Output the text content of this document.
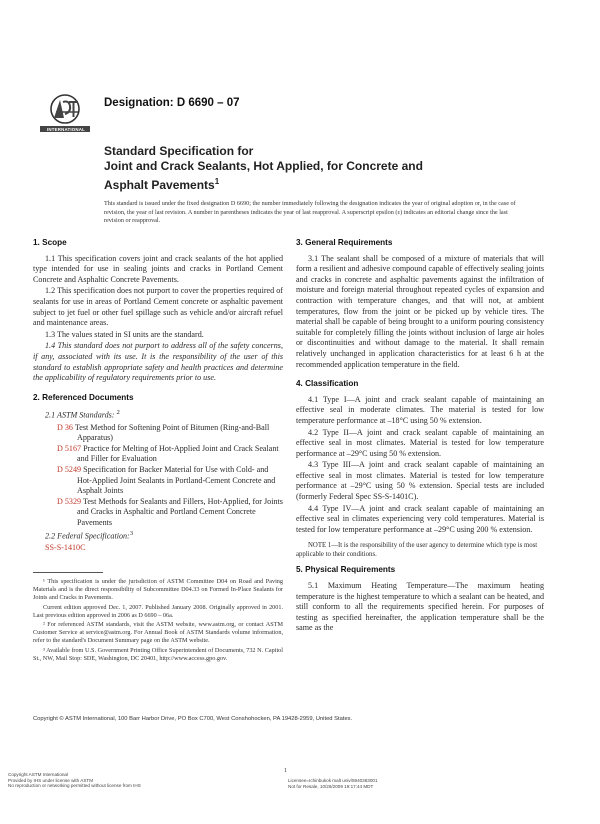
INTERNATIONAL
Designation: D 6690 – 07
Standard Specification for
Joint and Crack Sealants, Hot Applied, for Concrete and
Asphalt Pavements$^1$
This standard is issued under the fixed designation D 6690; the number immediately following the designation indicates the year of original adoption or, in the case of revision, the year of last revision. A number in parentheses indicates the year of last reapproval. A superscript epsilon (ε) indicates an editorial change since the last revision or reapproval.
1. Scope

1.1 This specification covers joint and crack sealants of the hot applied type intended for use in sealing joints and cracks in Portland Cement Concrete and Asphaltic Concrete Pavements.

1.2 This specification does not purport to cover the properties required of sealants for use in areas of Portland Cement concrete or asphaltic pavement subject to jet fuel or other fuel spillage such as vehicle and/or aircraft refuel and maintenance areas.

1.3 The values stated in SI units are the standard.

1.4 This standard does not purport to address all of the safety concerns, if any, associated with its use. It is the responsibility of the user of this standard to establish appropriate safety and health practices and determine the applicability of regulatory requirements prior to use.

2. Referenced Documents

2.1 ASTM Standards: $^2$

D 36 Test Method for Softening Point of Bitumen (Ring-and-Ball Apparatus)
D 5167 Practice for Melting of Hot-Applied Joint and Crack Sealant and Filler for Evaluation
D 5249 Specification for Backer Material for Use with Cold- and Hot-Applied Joint Sealants in Portland-Cement Concrete and Asphalt Joints
D 5329 Test Methods for Sealants and Fillers, Hot-Applied, for Joints and Cracks in Asphaltic and Portland Cement Concrete Pavements

2.2 Federal Specification:$^3$

SS-S-1410C

¹ This specification is under the jurisdiction of ASTM Committee D04 on Road and Paving Materials and is the direct responsibility of Subcommittee D04.33 on Formed In-Place Sealants for Joints and Cracks in Pavements.

Current edition approved Dec. 1, 2007. Published January 2008. Originally approved in 2001. Last previous edition approved in 2006 as D 6690 – 06a.

² For referenced ASTM standards, visit the ASTM website, www.astm.org, or contact ASTM Customer Service at service@astm.org. For Annual Book of ASTM Standards volume information, refer to the standard's Document Summary page on the ASTM website.

³ Available from U.S. Government Printing Office Superintendent of Documents, 732 N. Capitol St., NW, Mail Stop: SDE, Washington, DC 20401, http://www.access.gpo.gov.

3. General Requirements

3.1 The sealant shall be composed of a mixture of materials that will form a resilient and adhesive compound capable of effectively sealing joints and cracks in concrete and asphaltic pavements against the infiltration of moisture and foreign material throughout repeated cycles of expansion and contraction with temperature changes, and that will not, at ambient temperatures, flow from the joint or be picked up by vehicle tires. The material shall be capable of being brought to a uniform pouring consistency suitable for completely filling the joints without inclusion of large air holes or discontinuities and without damage to the material. It shall remain relatively unchanged in application characteristics for at least 6 h at the recommended application temperature in the field.

4. Classification

4.1 Type I—A joint and crack sealant capable of maintaining an effective seal in moderate climates. The material is tested for low temperature performance at –18°C using 50 % extension.

4.2 Type II—A joint and crack sealant capable of maintaining an effective seal in most climates. Material is tested for low temperature performance at –29°C using 50 % extension.

4.3 Type III—A joint and crack sealant capable of maintaining an effective seal in most climates. Material is tested for low temperature performance at –29°C using 50 % extension. Special tests are included (formerly Federal Spec SS-S-1401C).

4.4 Type IV—A joint and crack sealant capable of maintaining an effective seal in climates experiencing very cold temperatures. Material is tested for low temperature performance at –29°C using 200 % extension.

NOTE 1—It is the responsibility of the user agency to determine which type is most applicable to their conditions.

5. Physical Requirements

5.1 Maximum Heating Temperature—The maximum heating temperature is the highest temperature to which a sealant can be heated, and still conform to all the requirements specified herein. For purposes of testing as specified hereinafter, the application temperature shall be the same as the

Copyright © ASTM International, 100 Barr Harbor Drive, PO Box C700, West Conshohocken, PA 19428-2959, United States.
1
Copyright ASTM International
Provided by IHS under license with ASTM
No reproduction or networking permitted without license from IHS
Licensee=Ichinbukok malt univ/5940363001
Not for Resale, 10/26/2009 19:17:44 MDT
